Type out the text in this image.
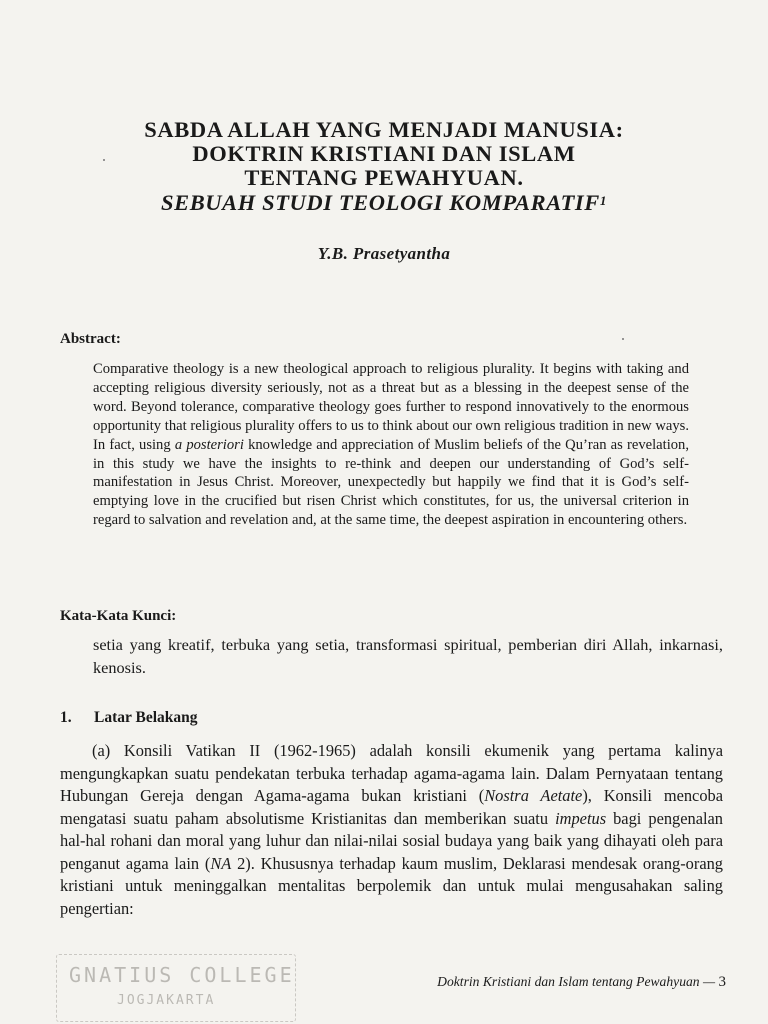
SABDA ALLAH YANG MENJADI MANUSIA:

DOKTRIN KRISTIANI DAN ISLAM

TENTANG PEWAHYUAN.

SEBUAH STUDI TEOLOGI KOMPARATIF$^1$

Y.B. Prasetyantha
Abstract:

Comparative theology is a new theological approach to religious plurality. It begins with taking and accepting religious diversity seriously, not as a threat but as a blessing in the deepest sense of the word. Beyond tolerance, comparative theology goes further to respond innovatively to the enormous opportunity that religious plurality offers to us to think about our own religious tradition in new ways. In fact, using a posteriori knowledge and appreciation of Muslim beliefs of the Qu’ran as revelation, in this study we have the insights to re-think and deepen our understanding of God’s self-manifestation in Jesus Christ. Moreover, unexpectedly but happily we find that it is God’s self-emptying love in the crucified but risen Christ which constitutes, for us, the universal criterion in regard to salvation and revelation and, at the same time, the deepest aspiration in encountering others.

Kata-Kata Kunci:

setia yang kreatif, terbuka yang setia, transformasi spiritual, pemberian diri Allah, inkarnasi, kenosis.

1. Latar Belakang

(a) Konsili Vatikan II (1962-1965) adalah konsili ekumenik yang pertama kalinya mengungkapkan suatu pendekatan terbuka terhadap agama-agama lain. Dalam Pernyataan tentang Hubungan Gereja dengan Agama-agama bukan kristiani (Nostra Aetate), Konsili mencoba mengatasi suatu paham absolutisme Kristianitas dan memberikan suatu impetus bagi pengenalan hal-hal rohani dan moral yang luhur dan nilai-nilai sosial budaya yang baik yang dihayati oleh para penganut agama lain (NA 2). Khususnya terhadap kaum muslim, Deklarasi mendesak orang-orang kristiani untuk meninggalkan mentalitas berpolemik dan untuk mulai mengusahakan saling pengertian:

GNATIUS COLLEGE
JOGJAKARTA
Doktrin Kristiani dan Islam tentang Pewahyuan — 3
